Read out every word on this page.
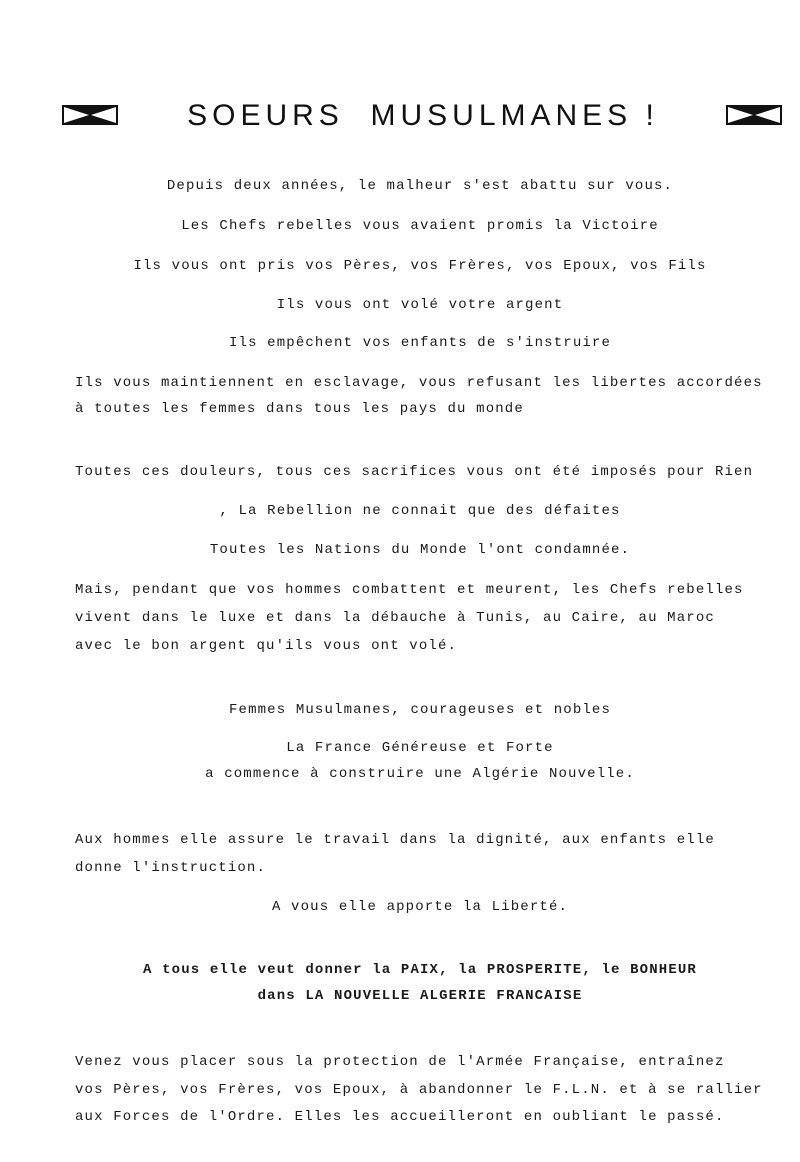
SOEURS  MUSULMANES !
Depuis deux années, le malheur s'est abattu sur vous.
Les Chefs rebelles vous avaient promis la Victoire
Ils vous ont pris vos Pères, vos Frères, vos Epoux, vos Fils
Ils vous ont volé votre argent
Ils empêchent vos enfants de s'instruire
Ils vous maintiennent en esclavage, vous refusant les libertes accordées
à toutes les femmes dans tous les pays du monde
Toutes ces douleurs, tous ces sacrifices vous ont été imposés pour Rien
, La Rebellion ne connait que des défaites
Toutes les Nations du Monde l'ont condamnée.
Mais, pendant que vos hommes combattent et meurent, les Chefs rebelles
vivent dans le luxe et dans la débauche à Tunis, au Caire, au Maroc
avec le bon argent qu'ils vous ont volé.
Femmes Musulmanes, courageuses et nobles
La France Généreuse et Forte
a commence à construire une Algérie Nouvelle.
Aux hommes elle assure le travail dans la dignité, aux enfants elle
donne l'instruction.
A vous elle apporte la Liberté.
A tous elle veut donner la PAIX, la PROSPERITE, le BONHEUR
dans LA NOUVELLE ALGERIE FRANCAISE
Venez vous placer sous la protection de l'Armée Française, entraînez
vos Pères, vos Frères, vos Epoux, à abandonner le F.L.N. et à se rallier
aux Forces de l'Ordre. Elles les accueilleront en oubliant le passé.
